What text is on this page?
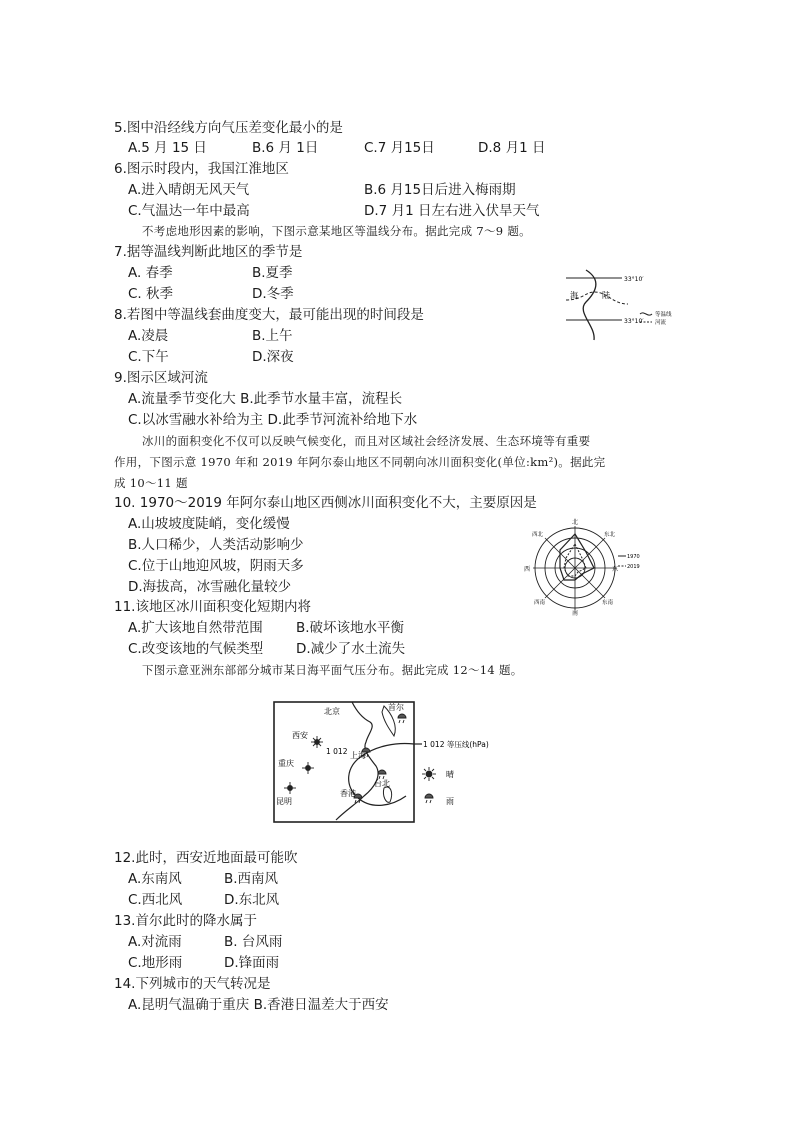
5.图中沿经线方向气压差变化最小的是
A.5 月 15 日	B.6 月 1日	C.7 月15日	D.8 月1 日
6.图示时段内，我国江淮地区
A.进入晴朗无风天气	B.6 月15日后进入梅雨期
C.气温达一年中最高	D.7 月1 日左右进入伏旱天气
不考虑地形因素的影响，下图示意某地区等温线分布。据此完成 7～9 题。
7.据等温线判断此地区的季节是
A. 春季	B.夏季
C. 秋季	D.冬季
8.若图中等温线套曲度变大，最可能出现的时间段是
A.凌晨	B.上午
C.下午	D.深夜
海	陆
33°10′
33°10′
等温线
河流
9.图示区域河流
A.流量季节变化大 B.此季节水量丰富，流程长
C.以冰雪融水补给为主 D.此季节河流补给地下水
冰川的面积变化不仅可以反映气候变化，而且对区域社会经济发展、生态环境等有重要
作用，下图示意 1970 年和 2019 年阿尔泰山地区不同朝向冰川面积变化(单位:km²)。据此完
成 10～11 题
10. 1970～2019 年阿尔泰山地区西侧冰川面积变化不大，主要原因是
A.山坡坡度陡峭，变化缓慢
B.人口稀少，人类活动影响少
C.位于山地迎风坡，阴雨天多
D.海拔高，冰雪融化量较少
北
东北
东
东南
南
西南
西
西北
1970
2019
11.该地区冰川面积变化短期内将
A.扩大该地自然带范围 B.破坏该地水平衡
C.改变该地的气候类型 D.减少了水土流失
下图示意亚洲东部部分城市某日海平面气压分布。据此完成 12～14 题。
北京	首尔
西安
1 012 上海
重庆
台北
香港
昆明
1 012 等压线(hPa)
晴
雨
12.此时，西安近地面最可能吹
A.东南风	B.西南风
C.西北风	D.东北风
13.首尔此时的降水属于
A.对流雨	B. 台风雨
C.地形雨	D.锋面雨
14.下列城市的天气转况是
A.昆明气温确于重庆 B.香港日温差大于西安
